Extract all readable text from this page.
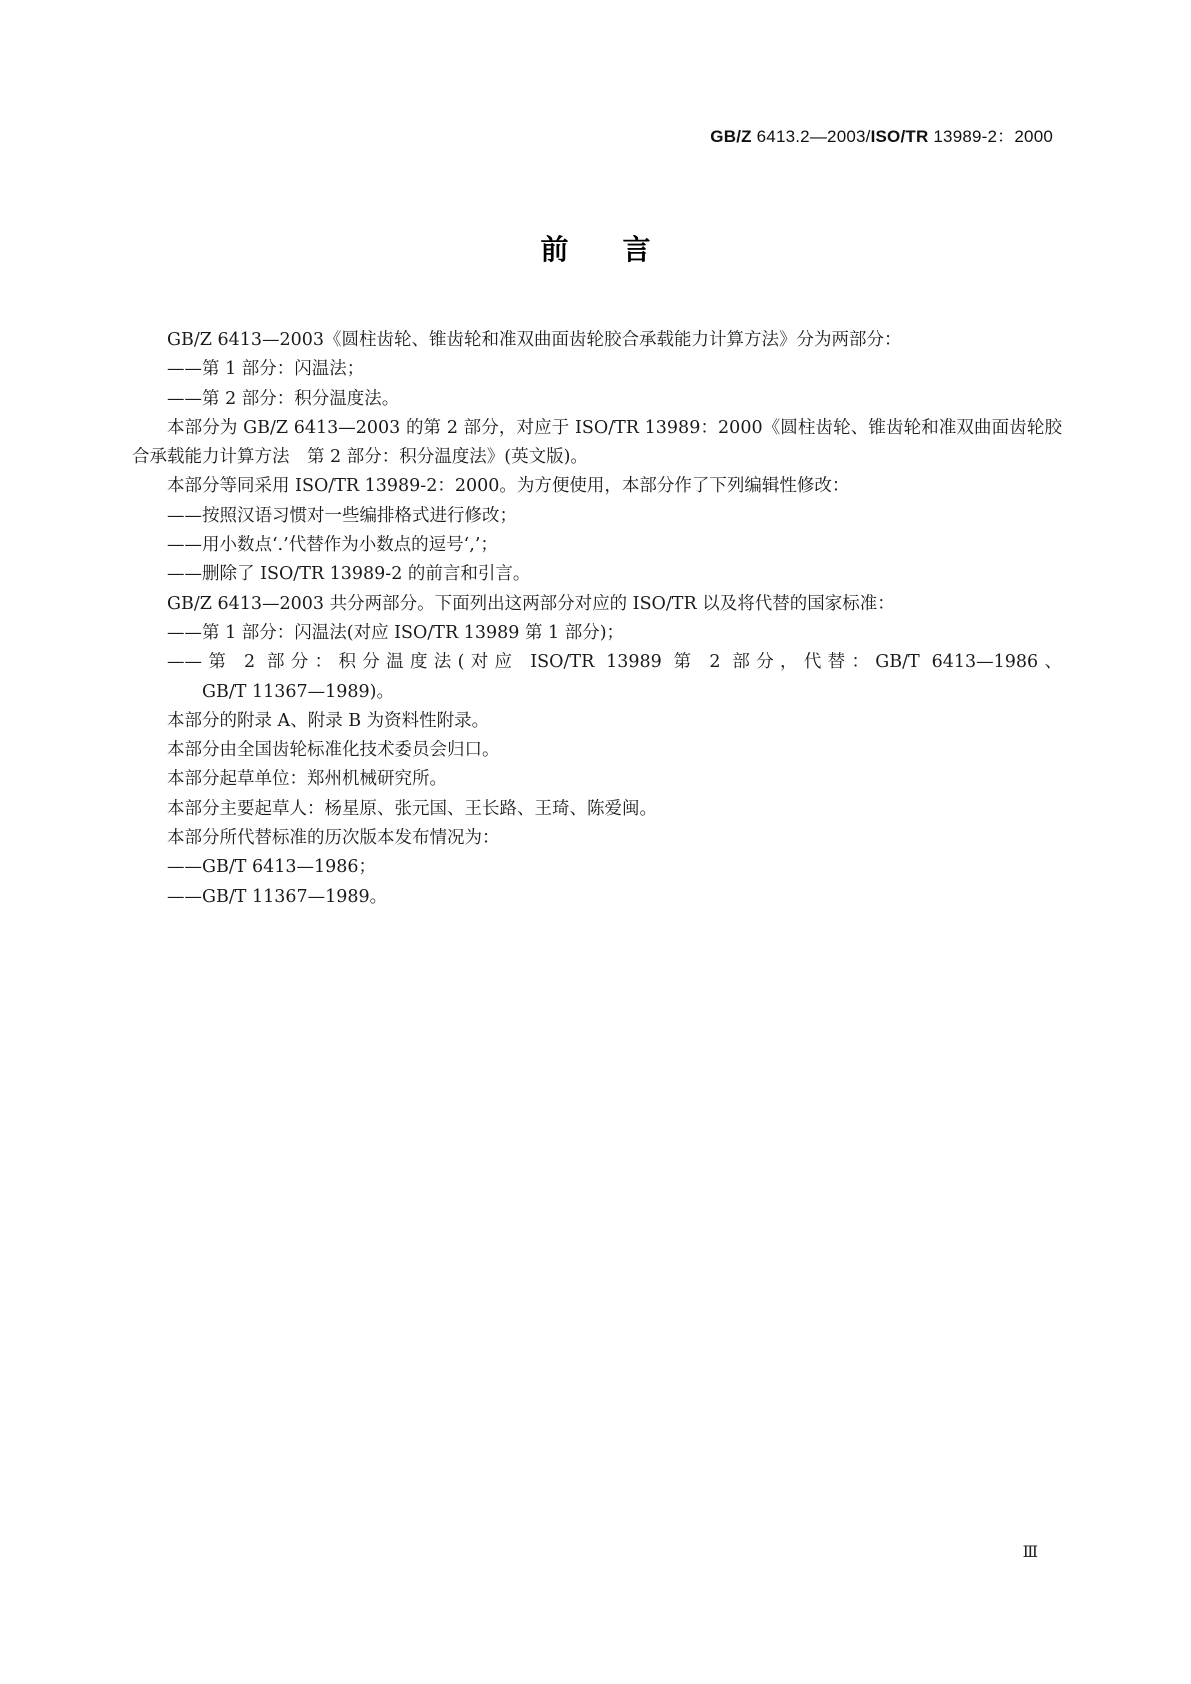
GB/Z 6413.2—2003/ISO/TR 13989-2：2000
前 言
GB/Z 6413—2003《圆柱齿轮、锥齿轮和准双曲面齿轮胶合承载能力计算方法》分为两部分：
——第 1 部分：闪温法；
——第 2 部分：积分温度法。
本部分为 GB/Z 6413—2003 的第 2 部分，对应于 ISO/TR 13989：2000《圆柱齿轮、锥齿轮和准双曲面齿轮胶合承载能力计算方法　第 2 部分：积分温度法》(英文版)。
本部分等同采用 ISO/TR 13989-2：2000。为方便使用，本部分作了下列编辑性修改：
——按照汉语习惯对一些编排格式进行修改；
——用小数点‘.’代替作为小数点的逗号‘,’；
——删除了 ISO/TR 13989-2 的前言和引言。
GB/Z 6413—2003 共分两部分。下面列出这两部分对应的 ISO/TR 以及将代替的国家标准：
——第 1 部分：闪温法(对应 ISO/TR 13989 第 1 部分)；
——第 2 部分：积分温度法(对应 ISO/TR 13989 第 2 部分，代替：GB/T 6413—1986、
GB/T 11367—1989)。
本部分的附录 A、附录 B 为资料性附录。
本部分由全国齿轮标准化技术委员会归口。
本部分起草单位：郑州机械研究所。
本部分主要起草人：杨星原、张元国、王长路、王琦、陈爱闽。
本部分所代替标准的历次版本发布情况为：
——GB/T 6413—1986；
——GB/T 11367—1989。
Ⅲ
